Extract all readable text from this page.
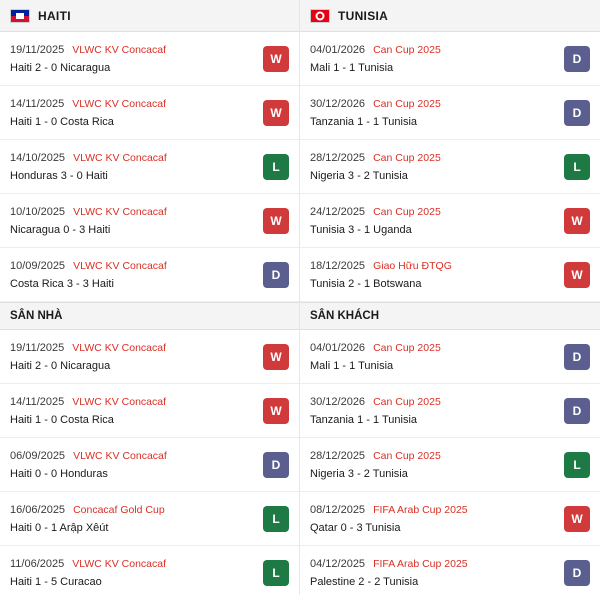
HAITI
19/11/2025 VLWC KV Concacaf
Haiti 2 - 0 Nicaragua
W
14/11/2025 VLWC KV Concacaf
Haiti 1 - 0 Costa Rica
W
14/10/2025 VLWC KV Concacaf
Honduras 3 - 0 Haiti
L
10/10/2025 VLWC KV Concacaf
Nicaragua 0 - 3 Haiti
W
10/09/2025 VLWC KV Concacaf
Costa Rica 3 - 3 Haiti
D
SÂN NHÀ
19/11/2025 VLWC KV Concacaf
Haiti 2 - 0 Nicaragua
W
14/11/2025 VLWC KV Concacaf
Haiti 1 - 0 Costa Rica
W
06/09/2025 VLWC KV Concacaf
Haiti 0 - 0 Honduras
D
16/06/2025 Concacaf Gold Cup
Haiti 0 - 1 Arập Xêút
L
11/06/2025 VLWC KV Concacaf
Haiti 1 - 5 Curacao
L
TUNISIA
04/01/2026 Can Cup 2025
Mali 1 - 1 Tunisia
D
30/12/2026 Can Cup 2025
Tanzania 1 - 1 Tunisia
D
28/12/2025 Can Cup 2025
Nigeria 3 - 2 Tunisia
L
24/12/2025 Can Cup 2025
Tunisia 3 - 1 Uganda
W
18/12/2025 Giao Hữu ĐTQG
Tunisia 2 - 1 Botswana
W
SÂN KHÁCH
04/01/2026 Can Cup 2025
Mali 1 - 1 Tunisia
D
30/12/2026 Can Cup 2025
Tanzania 1 - 1 Tunisia
D
28/12/2025 Can Cup 2025
Nigeria 3 - 2 Tunisia
L
08/12/2025 FIFA Arab Cup 2025
Qatar 0 - 3 Tunisia
W
04/12/2025 FIFA Arab Cup 2025
Palestine 2 - 2 Tunisia
D
